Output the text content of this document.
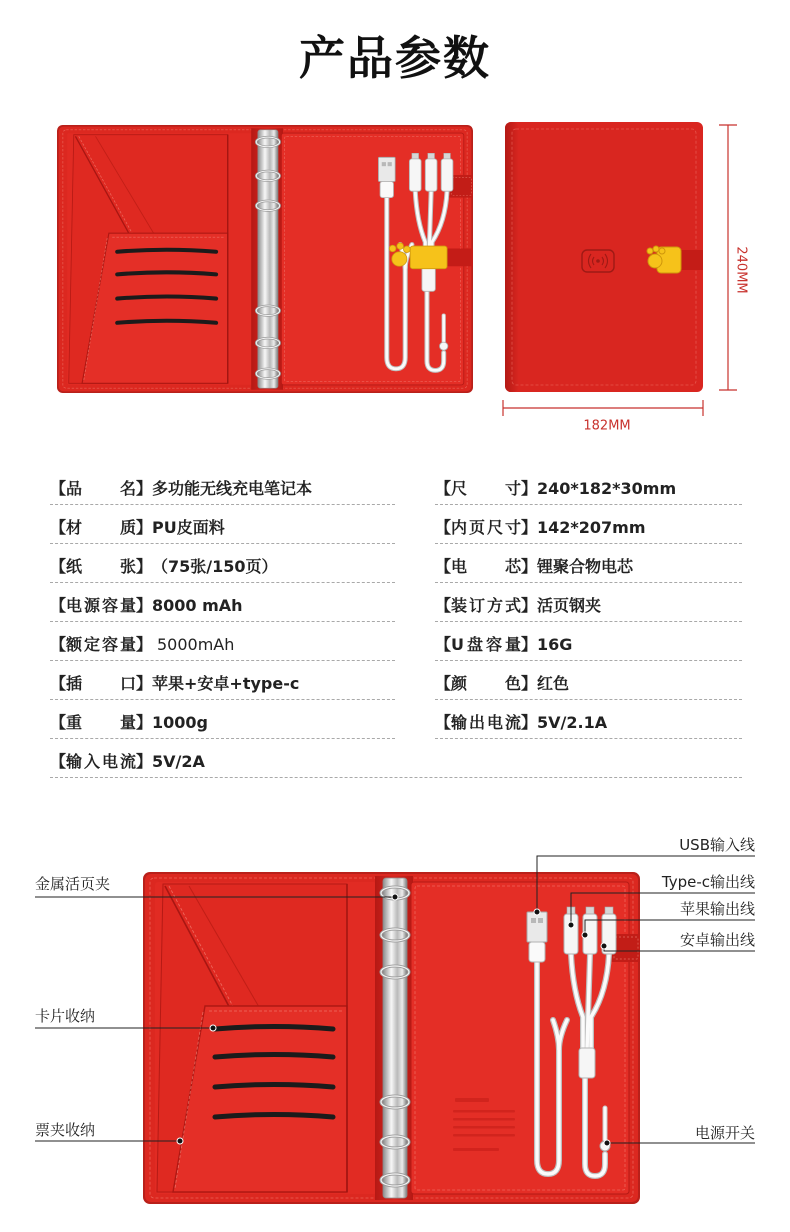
产品参数
【品名】多功能无线充电笔记本
【材质】PU皮面料
【纸张】（75张/150页）
【电源容量】8000 mAh
【额定容量】 5000mAh
【插口】苹果+安卓+type-c
【重量】1000g
【输入电流】5V/2A
【尺寸】240*182*30mm
【内页尺寸】142*207mm
【电芯】锂聚合物电芯
【装订方式】活页钢夹
【U盘容量】16G
【颜色】红色
【输出电流】5V/2.1A
USB输入线
Type-c输出线
苹果输出线
安卓输出线
电源开关
金属活页夹
卡片收纳
票夹收纳
240MM
182MM
